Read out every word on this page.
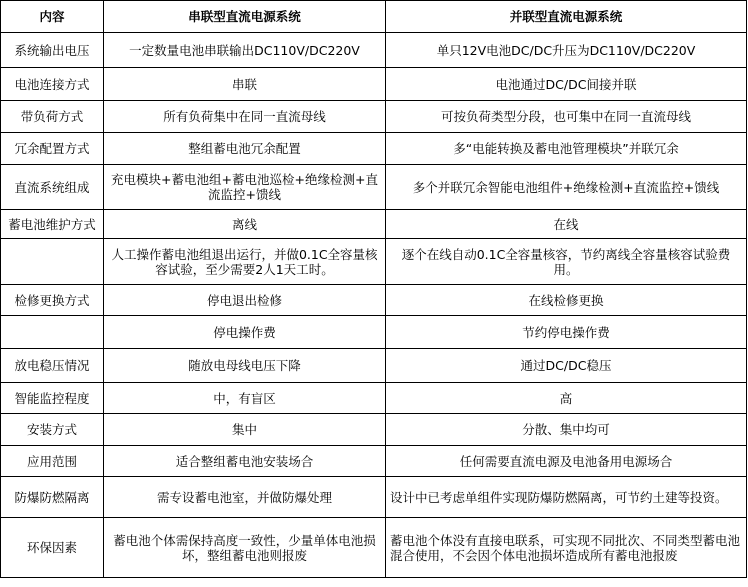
内容	串联型直流电源系统	并联型直流电源系统
系统输出电压	一定数量电池串联输出DC110V/DC220V	单只12V电池DC/DC升压为DC110V/DC220V
电池连接方式	串联	电池通过DC/DC间接并联
带负荷方式	所有负荷集中在同一直流母线	可按负荷类型分段，也可集中在同一直流母线
冗余配置方式	整组蓄电池冗余配置	多“电能转换及蓄电池管理模块”并联冗余
直流系统组成	充电模块+蓄电池组+蓄电池巡检+绝缘检测+直流监控+馈线	多个并联冗余智能电池组件+绝缘检测+直流监控+馈线
蓄电池维护方式	离线	在线
	人工操作蓄电池组退出运行，并做0.1C全容量核容试验，至少需要2人1天工时。	逐个在线自动0.1C全容量核容，节约离线全容量核容试验费用。
检修更换方式	停电退出检修	在线检修更换
	停电操作费	节约停电操作费
放电稳压情况	随放电母线电压下降	通过DC/DC稳压
智能监控程度	中，有盲区	高
安装方式	集中	分散、集中均可
应用范围	适合整组蓄电池安装场合	任何需要直流电源及电池备用电源场合
防爆防燃隔离	需专设蓄电池室，并做防爆处理	设计中已考虑单组件实现防爆防燃隔离，可节约土建等投资。
环保因素	蓄电池个体需保持高度一致性，少量单体电池损坏，整组蓄电池则报废	蓄电池个体没有直接电联系，可实现不同批次、不同类型蓄电池混合使用，不会因个体电池损坏造成所有蓄电池报废
